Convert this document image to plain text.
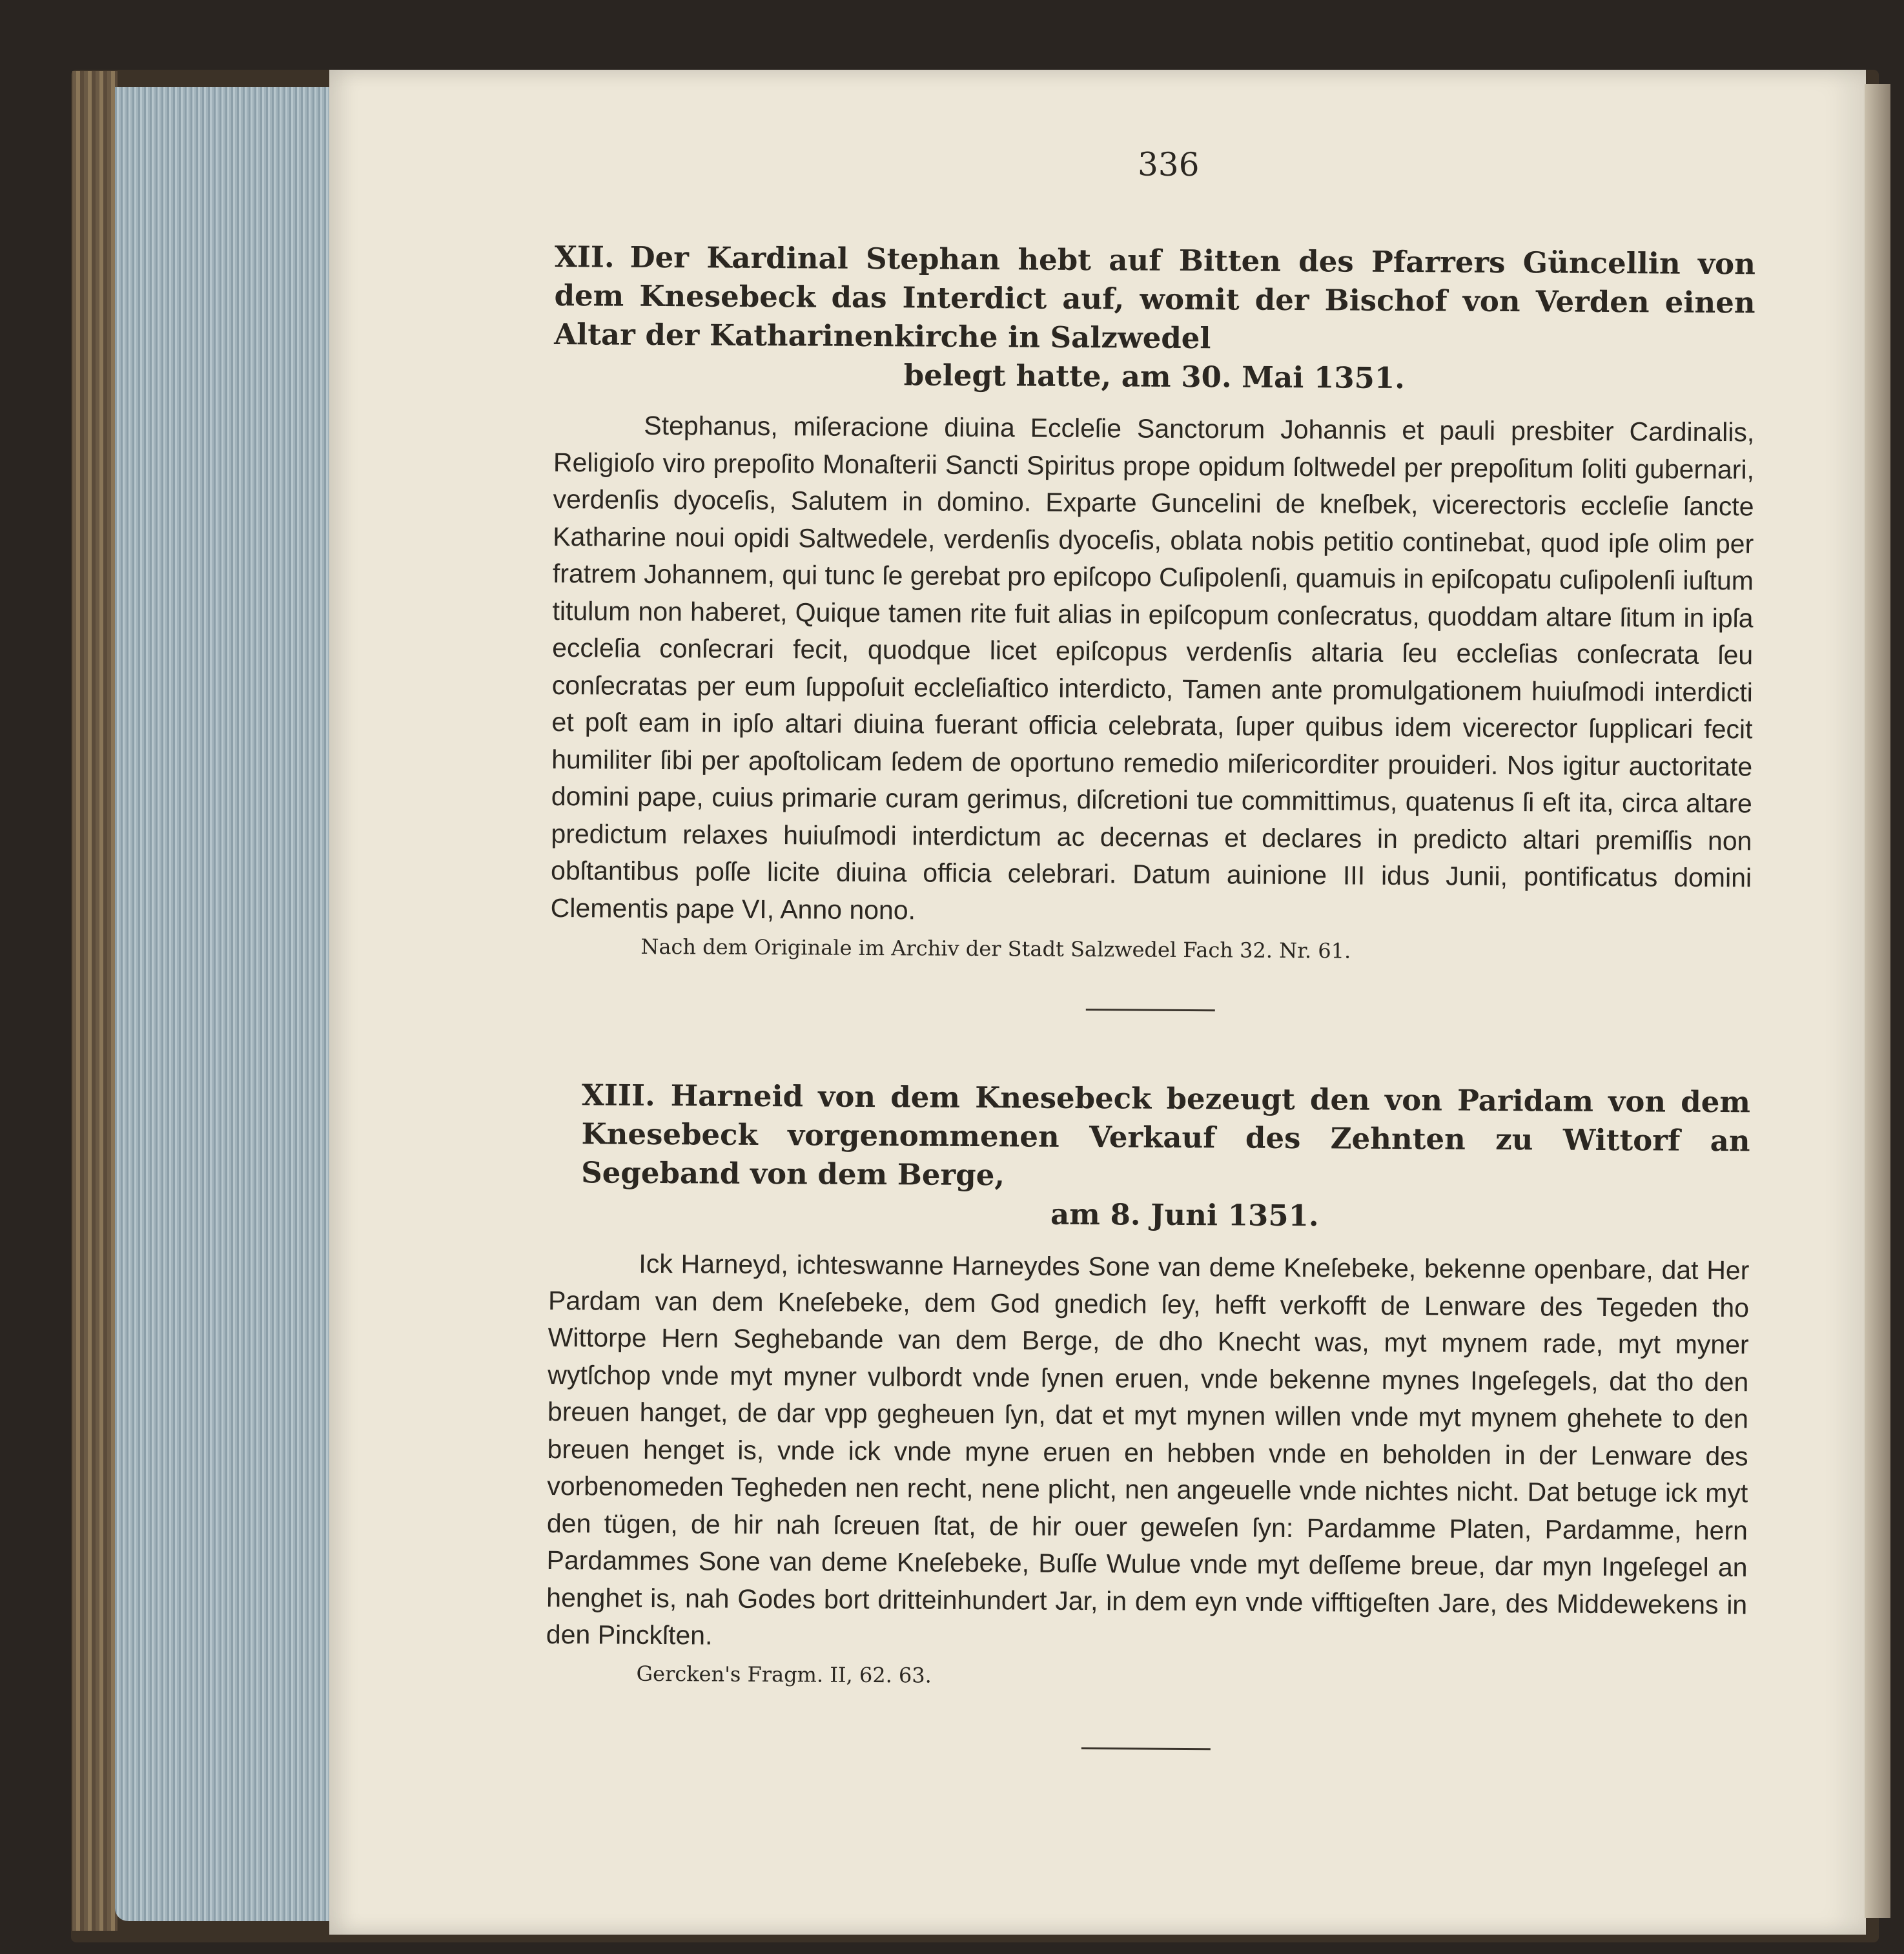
336
XII. Der Kardinal Stephan hebt auf Bitten des Pfarrers Güncellin von dem Knesebeck das Interdict auf, womit der Bischof von Verden einen Altar der Katharinenkirche in Salzwedel
belegt hatte, am 30. Mai 1351.

Stephanus, miſeracione diuina Eccleſie Sanctorum Johannis et pauli presbiter Cardinalis, Religioſo viro prepoſito Monaſterii Sancti Spiritus prope opidum ſoltwedel per prepoſitum ſoliti gubernari, verdenſis dyoceſis, Salutem in domino. Exparte Guncelini de kneſbek, vicerectoris eccleſie ſancte Katharine noui opidi Saltwedele, verdenſis dyoceſis, oblata nobis petitio continebat, quod ipſe olim per fratrem Johannem, qui tunc ſe gerebat pro epiſcopo Cuſipolenſi, quamuis in epiſcopatu cuſipolenſi iuſtum titulum non haberet, Quique tamen rite fuit alias in epiſcopum conſecratus, quoddam altare ſitum in ipſa eccleſia conſecrari fecit, quodque licet epiſcopus verdenſis altaria ſeu eccleſias conſecrata ſeu conſecratas per eum ſuppoſuit eccleſiaſtico interdicto, Tamen ante promulgationem huiuſmodi interdicti et poſt eam in ipſo altari diuina fuerant officia celebrata, ſuper quibus idem vicerector ſupplicari fecit humiliter ſibi per apoſtolicam ſedem de oportuno remedio miſericorditer prouideri. Nos igitur auctoritate domini pape, cuius primarie curam gerimus, diſcretioni tue committimus, quatenus ſi eſt ita, circa altare predictum relaxes huiuſmodi interdictum ac decernas et declares in predicto altari premiſſis non obſtantibus poſſe licite diuina officia celebrari. Datum auinione III idus Junii, pontificatus domini Clementis pape VI, Anno nono.

Nach dem Originale im Archiv der Stadt Salzwedel Fach 32. Nr. 61.
XIII. Harneid von dem Knesebeck bezeugt den von Paridam von dem Knesebeck vorgenommenen Verkauf des Zehnten zu Wittorf an Segeband von dem Berge,
am 8. Juni 1351.

Ick Harneyd, ichteswanne Harneydes Sone van deme Kneſebeke, bekenne openbare, dat Her Pardam van dem Kneſebeke, dem God gnedich ſey, hefft verkofft de Lenware des Tegeden tho Wittorpe Hern Seghebande van dem Berge, de dho Knecht was, myt mynem rade, myt myner wytſchop vnde myt myner vulbordt vnde ſynen eruen, vnde bekenne mynes Ingeſegels, dat tho den breuen hanget, de dar vpp gegheuen ſyn, dat et myt mynen willen vnde myt mynem ghehete to den breuen henget is, vnde ick vnde myne eruen en hebben vnde en beholden in der Lenware des vorbenomeden Tegheden nen recht, nene plicht, nen angeuelle vnde nichtes nicht. Dat betuge ick myt den tügen, de hir nah ſcreuen ſtat, de hir ouer geweſen ſyn: Pardamme Platen, Pardamme, hern Pardammes Sone van deme Kneſebeke, Buſſe Wulue vnde myt deſſeme breue, dar myn Ingeſegel an henghet is, nah Godes bort dritteinhundert Jar, in dem eyn vnde vifftigeſten Jare, des Middewekens in den Pinckſten.

Gercken's Fragm. II, 62. 63.
